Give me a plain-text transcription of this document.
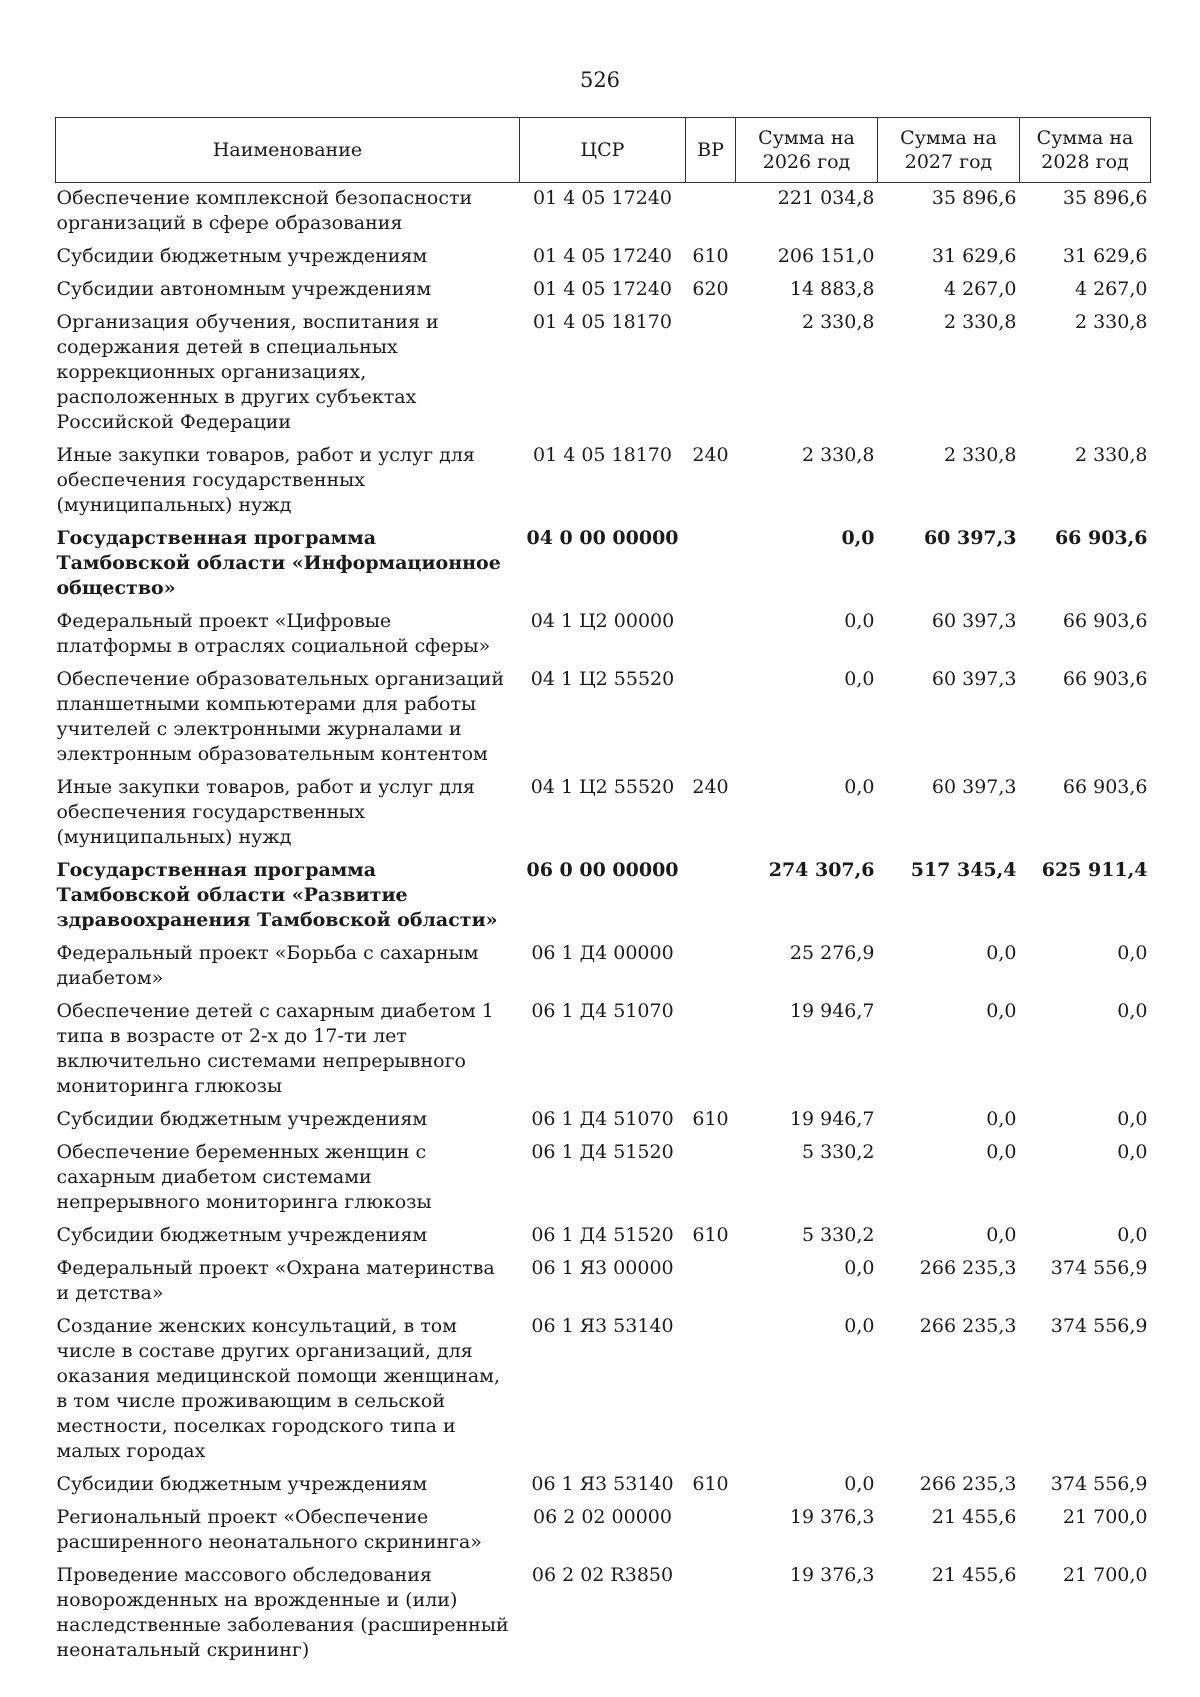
526
Наименование	ЦСР	ВР	Сумма на 2026 год	Сумма на 2027 год	Сумма на 2028 год
Обеспечение комплексной безопасности организаций в сфере образования	01 4 05 17240		221 034,8	35 896,6	35 896,6
Субсидии бюджетным учреждениям	01 4 05 17240	610	206 151,0	31 629,6	31 629,6
Субсидии автономным учреждениям	01 4 05 17240	620	14 883,8	4 267,0	4 267,0
Организация обучения, воспитания и содержания детей в специальных коррекционных организациях, расположенных в других субъектах Российской Федерации	01 4 05 18170		2 330,8	2 330,8	2 330,8
Иные закупки товаров, работ и услуг для обеспечения государственных (муниципальных) нужд	01 4 05 18170	240	2 330,8	2 330,8	2 330,8
Государственная программа Тамбовской области «Информационное общество»	04 0 00 00000		0,0	60 397,3	66 903,6
Федеральный проект «Цифровые платформы в отраслях социальной сферы»	04 1 Ц2 00000		0,0	60 397,3	66 903,6
Обеспечение образовательных организаций планшетными компьютерами для работы учителей с электронными журналами и электронным образовательным контентом	04 1 Ц2 55520		0,0	60 397,3	66 903,6
Иные закупки товаров, работ и услуг для обеспечения государственных (муниципальных) нужд	04 1 Ц2 55520	240	0,0	60 397,3	66 903,6
Государственная программа Тамбовской области «Развитие здравоохранения Тамбовской области»	06 0 00 00000		274 307,6	517 345,4	625 911,4
Федеральный проект «Борьба с сахарным диабетом»	06 1 Д4 00000		25 276,9	0,0	0,0
Обеспечение детей с сахарным диабетом 1 типа в возрасте от 2-х до 17-ти лет включительно системами непрерывного мониторинга глюкозы	06 1 Д4 51070		19 946,7	0,0	0,0
Субсидии бюджетным учреждениям	06 1 Д4 51070	610	19 946,7	0,0	0,0
Обеспечение беременных женщин с сахарным диабетом системами непрерывного мониторинга глюкозы	06 1 Д4 51520		5 330,2	0,0	0,0
Субсидии бюджетным учреждениям	06 1 Д4 51520	610	5 330,2	0,0	0,0
Федеральный проект «Охрана материнства и детства»	06 1 Я3 00000		0,0	266 235,3	374 556,9
Создание женских консультаций, в том числе в составе других организаций, для оказания медицинской помощи женщинам, в том числе проживающим в сельской местности, поселках городского типа и малых городах	06 1 Я3 53140		0,0	266 235,3	374 556,9
Субсидии бюджетным учреждениям	06 1 Я3 53140	610	0,0	266 235,3	374 556,9
Региональный проект «Обеспечение расширенного неонатального скрининга»	06 2 02 00000		19 376,3	21 455,6	21 700,0
Проведение массового обследования новорожденных на врожденные и (или) наследственные заболевания (расширенный неонатальный скрининг)	06 2 02 R3850		19 376,3	21 455,6	21 700,0
